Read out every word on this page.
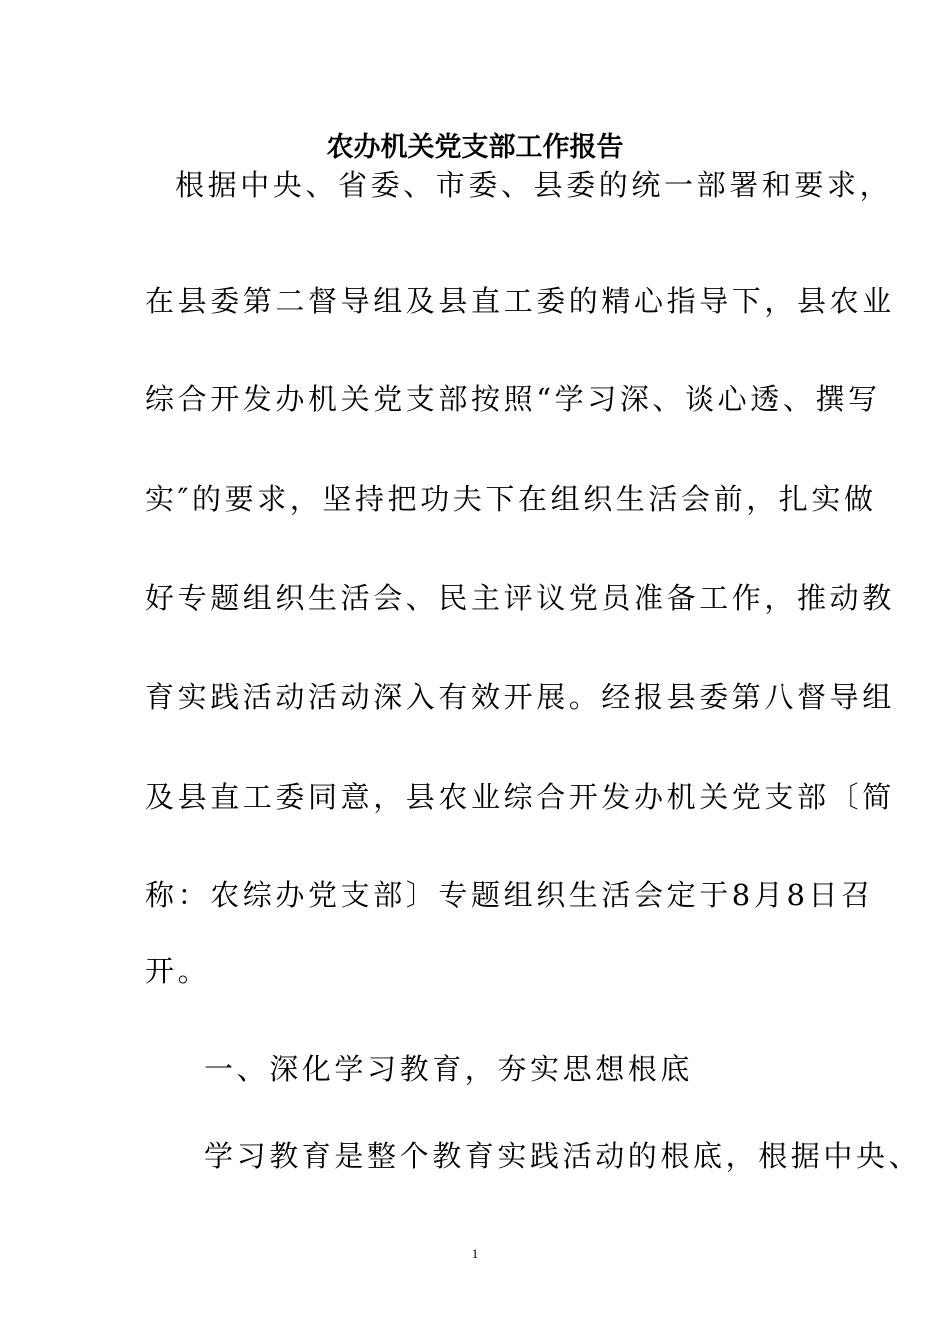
农办机关党支部工作报告
根据中央、省委、市委、县委的统一部署和要求，
在县委第二督导组及县直工委的精心指导下，县农业
综合开发办机关党支部按照“学习深、谈心透、撰写
实″的要求，坚持把功夫下在组织生活会前，扎实做
好专题组织生活会、民主评议党员准备工作，推动教
育实践活动活动深入有效开展。经报县委第八督导组
及县直工委同意，县农业综合开发办机关党支部〔简
称：农综办党支部〕专题组织生活会定于8月8日召
开。
一、深化学习教育，夯实思想根底
学习教育是整个教育实践活动的根底，根据中央、
1
